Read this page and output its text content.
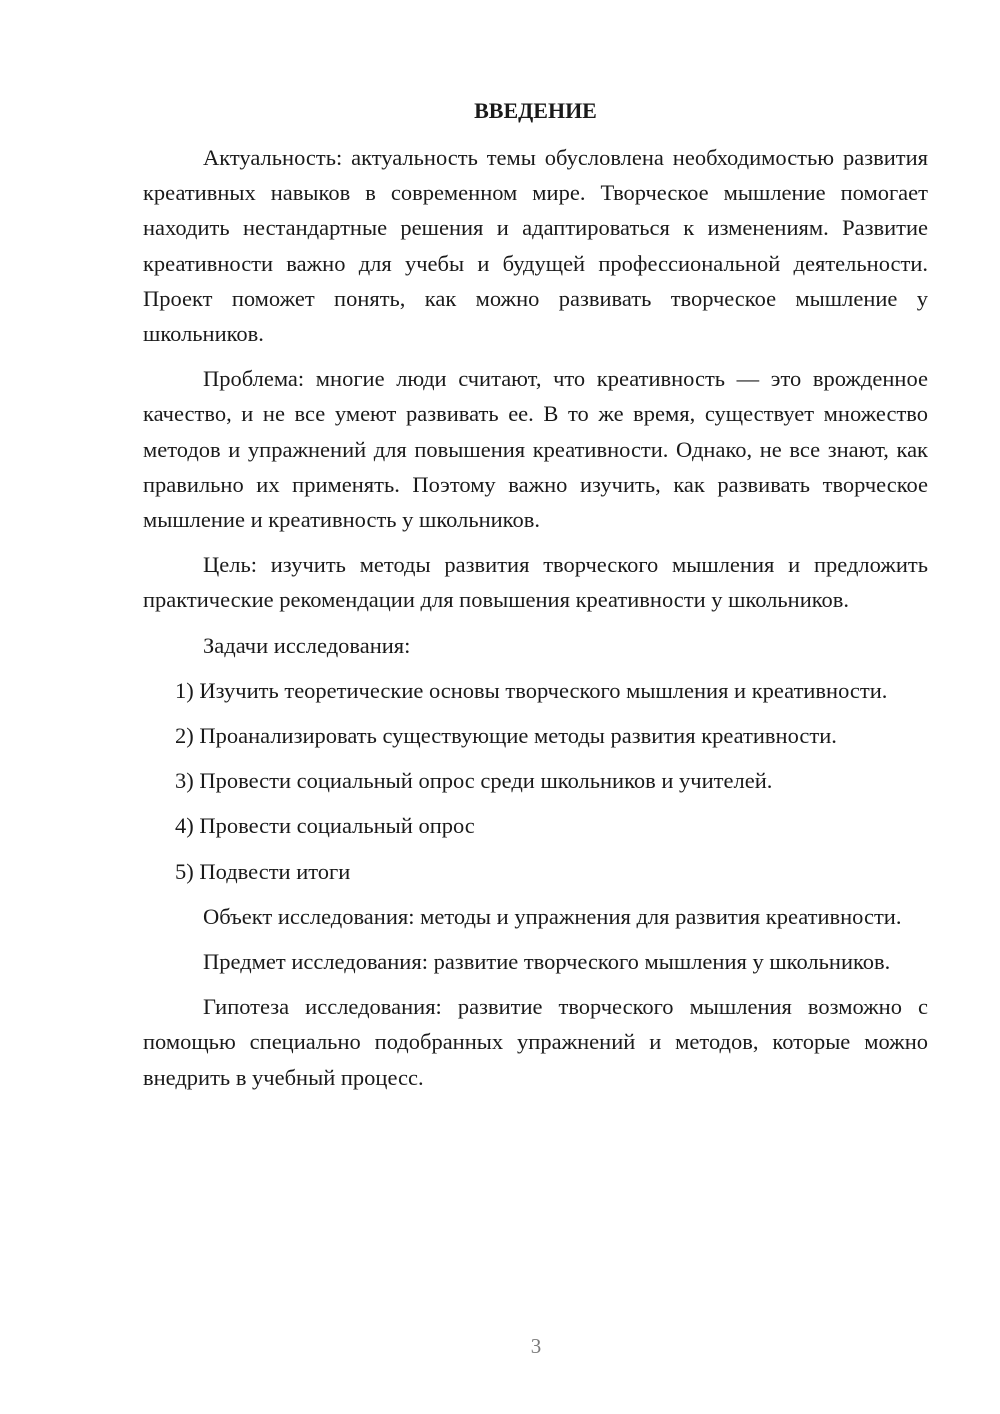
ВВЕДЕНИЕ

Актуальность: актуальность темы обусловлена необходимостью развития креативных навыков в современном мире. Творческое мышление помогает находить нестандартные решения и адаптироваться к изменениям. Развитие креативности важно для учебы и будущей профессиональной деятельности. Проект поможет понять, как можно развивать творческое мышление у школьников.

Проблема: многие люди считают, что креативность — это врожденное качество, и не все умеют развивать ее. В то же время, существует множество методов и упражнений для повышения креативности. Однако, не все знают, как правильно их применять. Поэтому важно изучить, как развивать творческое мышление и креативность у школьников.

Цель: изучить методы развития творческого мышления и предложить практические рекомендации для повышения креативности у школьников.

Задачи исследования:

1) Изучить теоретические основы творческого мышления и креативности.

2) Проанализировать существующие методы развития креативности.

3) Провести социальный опрос среди школьников и учителей.

4) Провести социальный опрос

5) Подвести итоги

Объект исследования: методы и упражнения для развития креативности.

Предмет исследования: развитие творческого мышления у школьников.

Гипотеза исследования: развитие творческого мышления возможно с помощью специально подобранных упражнений и методов, которые можно внедрить в учебный процесс.

3
